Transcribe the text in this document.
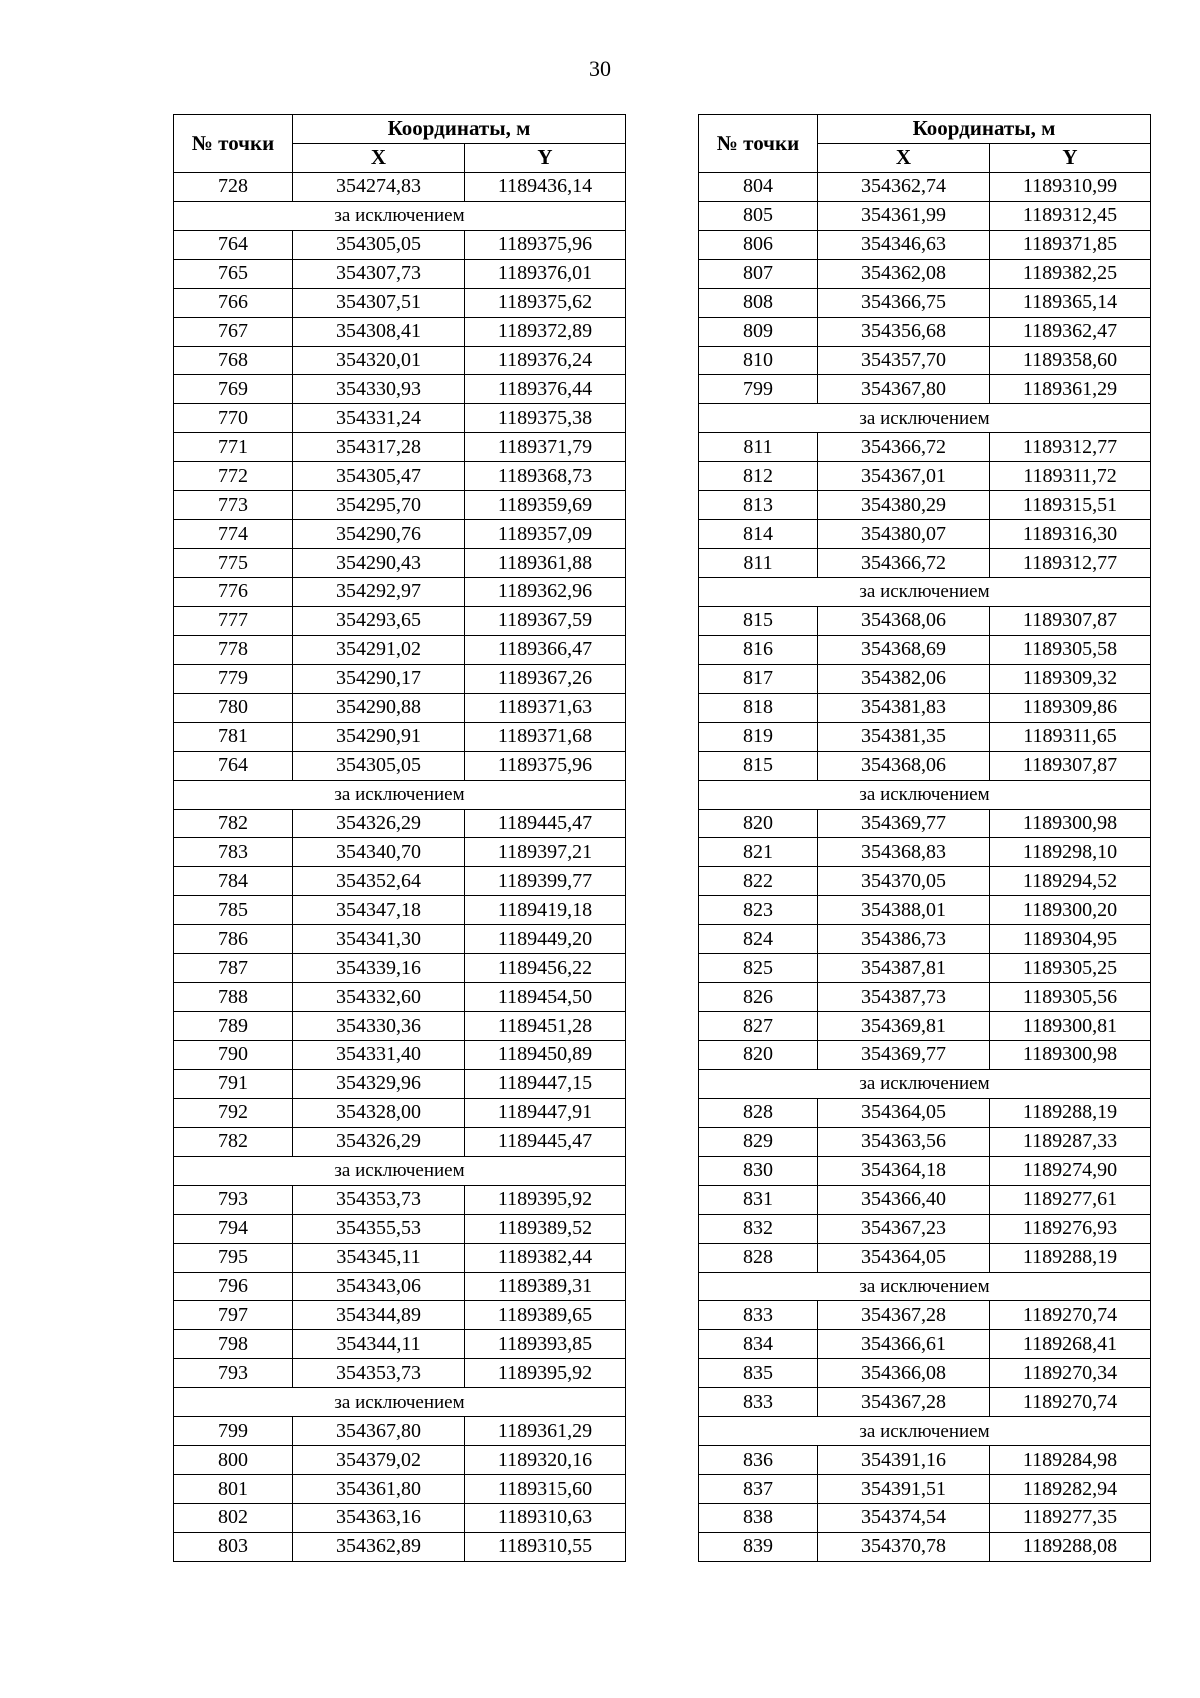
30
№ точки	Координаты, м	
	X	Y
728	354274,83	1189436,14
за исключением		
764	354305,05	1189375,96
765	354307,73	1189376,01
766	354307,51	1189375,62
767	354308,41	1189372,89
768	354320,01	1189376,24
769	354330,93	1189376,44
770	354331,24	1189375,38
771	354317,28	1189371,79
772	354305,47	1189368,73
773	354295,70	1189359,69
774	354290,76	1189357,09
775	354290,43	1189361,88
776	354292,97	1189362,96
777	354293,65	1189367,59
778	354291,02	1189366,47
779	354290,17	1189367,26
780	354290,88	1189371,63
781	354290,91	1189371,68
764	354305,05	1189375,96
за исключением		
782	354326,29	1189445,47
783	354340,70	1189397,21
784	354352,64	1189399,77
785	354347,18	1189419,18
786	354341,30	1189449,20
787	354339,16	1189456,22
788	354332,60	1189454,50
789	354330,36	1189451,28
790	354331,40	1189450,89
791	354329,96	1189447,15
792	354328,00	1189447,91
782	354326,29	1189445,47
за исключением		
793	354353,73	1189395,92
794	354355,53	1189389,52
795	354345,11	1189382,44
796	354343,06	1189389,31
797	354344,89	1189389,65
798	354344,11	1189393,85
793	354353,73	1189395,92
за исключением		
799	354367,80	1189361,29
800	354379,02	1189320,16
801	354361,80	1189315,60
802	354363,16	1189310,63
803	354362,89	1189310,55
№ точки	Координаты, м	
	X	Y
804	354362,74	1189310,99
805	354361,99	1189312,45
806	354346,63	1189371,85
807	354362,08	1189382,25
808	354366,75	1189365,14
809	354356,68	1189362,47
810	354357,70	1189358,60
799	354367,80	1189361,29
за исключением		
811	354366,72	1189312,77
812	354367,01	1189311,72
813	354380,29	1189315,51
814	354380,07	1189316,30
811	354366,72	1189312,77
за исключением		
815	354368,06	1189307,87
816	354368,69	1189305,58
817	354382,06	1189309,32
818	354381,83	1189309,86
819	354381,35	1189311,65
815	354368,06	1189307,87
за исключением		
820	354369,77	1189300,98
821	354368,83	1189298,10
822	354370,05	1189294,52
823	354388,01	1189300,20
824	354386,73	1189304,95
825	354387,81	1189305,25
826	354387,73	1189305,56
827	354369,81	1189300,81
820	354369,77	1189300,98
за исключением		
828	354364,05	1189288,19
829	354363,56	1189287,33
830	354364,18	1189274,90
831	354366,40	1189277,61
832	354367,23	1189276,93
828	354364,05	1189288,19
за исключением		
833	354367,28	1189270,74
834	354366,61	1189268,41
835	354366,08	1189270,34
833	354367,28	1189270,74
за исключением		
836	354391,16	1189284,98
837	354391,51	1189282,94
838	354374,54	1189277,35
839	354370,78	1189288,08
